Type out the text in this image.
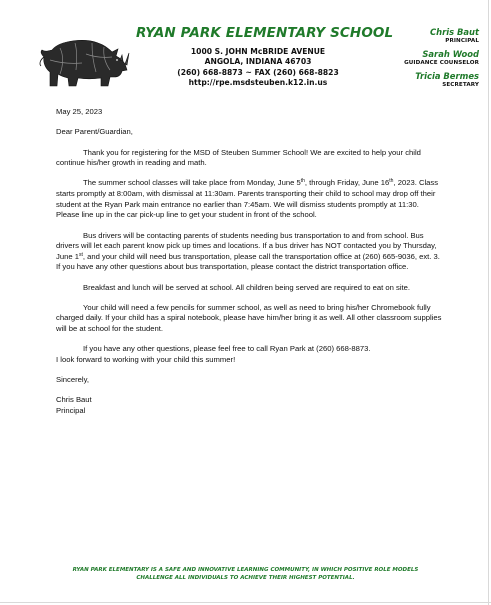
RYAN PARK ELEMENTARY SCHOOL
1000 S. JOHN McBRIDE AVENUE
ANGOLA, INDIANA 46703
(260) 668-8873 ~ FAX (260) 668-8823
http://rpe.msdsteuben.k12.in.us
Chris Baut
PRINCIPAL
Sarah Wood
GUIDANCE COUNSELOR
Tricia Bermes
SECRETARY

May 25, 2023

Dear Parent/Guardian,

Thank you for registering for the MSD of Steuben Summer School! We are excited to help your child continue his/her growth in reading and math.

The summer school classes will take place from Monday, June 5th, through Friday, June 16th, 2023. Class starts promptly at 8:00am, with dismissal at 11:30am. Parents transporting their child to school may drop off their student at the Ryan Park main entrance no earlier than 7:45am. We will dismiss students promptly at 11:30. Please line up in the car pick-up line to get your student in front of the school.

Bus drivers will be contacting parents of students needing bus transportation to and from school. Bus drivers will let each parent know pick up times and locations. If a bus driver has NOT contacted you by Thursday, June 1st, and your child will need bus transportation, please call the transportation office at (260) 665-9036, ext. 3. If you have any other questions about bus transportation, please contact the district transportation office.

Breakfast and lunch will be served at school. All children being served are required to eat on site.

Your child will need a few pencils for summer school, as well as need to bring his/her Chromebook fully charged daily. If your child has a spiral notebook, please have him/her bring it as well. All other classroom supplies will be at school for the student.

If you have any other questions, please feel free to call Ryan Park at (260) 668-8873.
I look forward to working with your child this summer!

Sincerely,

Chris Baut
Principal

RYAN PARK ELEMENTARY IS A SAFE AND INNOVATIVE LEARNING COMMUNITY, IN WHICH POSITIVE ROLE MODELS
CHALLENGE ALL INDIVIDUALS TO ACHIEVE THEIR HIGHEST POTENTIAL.
